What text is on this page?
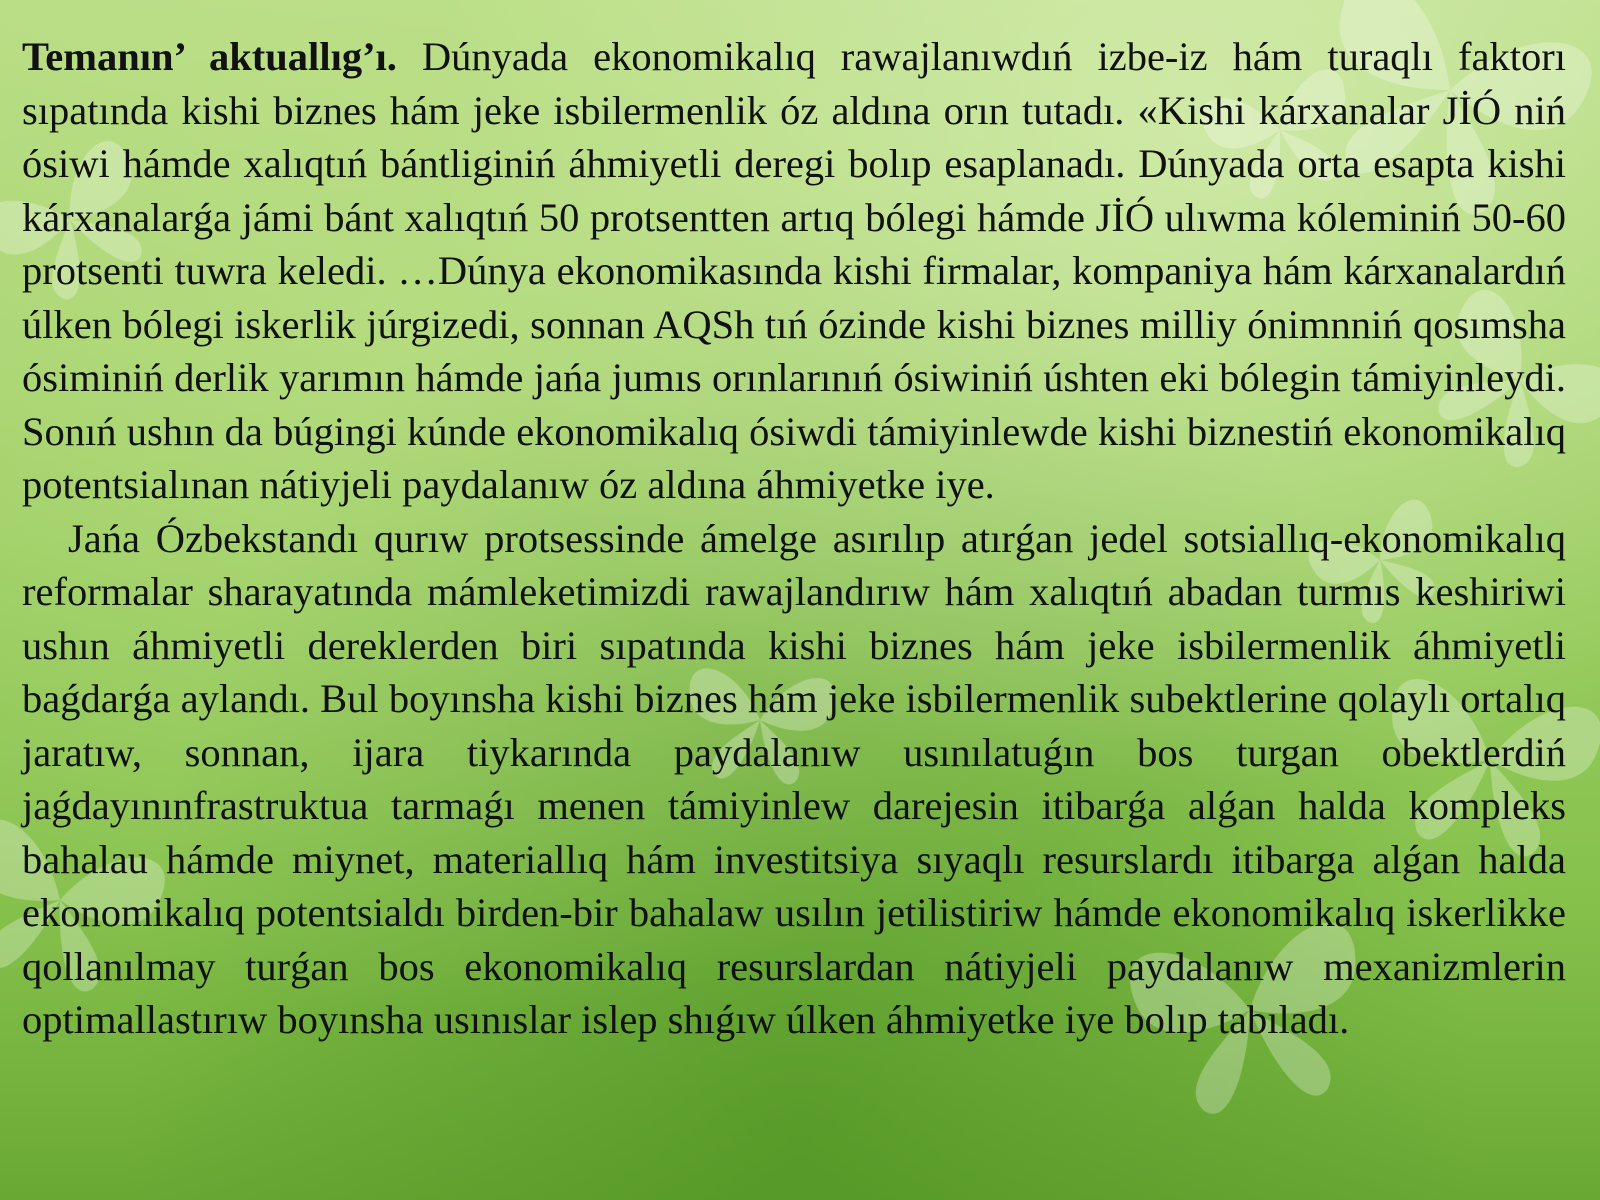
Temanın’ aktuallıg’ı. Dúnyada ekonomikalıq rawajlanıwdıń izbe-iz hám turaqlı faktorı sıpatında kishi biznes hám jeke isbilermenlik óz aldına orın tutadı. «Kishi kárxanalar JİÓ niń ósiwi hámde xalıqtıń bántliginiń áhmiyetli deregi bolıp esaplanadı. Dúnyada orta esapta kishi kárxanalarǵa jámi bánt xalıqtıń 50 protsentten artıq bólegi hámde JİÓ ulıwma kóleminiń 50-60 protsenti tuwra keledi. …Dúnya ekonomikasında kishi firmalar, kompaniya hám kárxanalardıń úlken bólegi iskerlik júrgizedi, sonnan AQSh tıń ózinde kishi biznes milliy ónimnniń qosımsha ósiminiń derlik yarımın hámde jańa jumıs orınlarınıń ósiwiniń úshten eki bólegin támiyinleydi. Sonıń ushın da búgingi kúnde ekonomikalıq ósiwdi támiyinlewde kishi biznestiń ekonomikalıq potentsialınan nátiyjeli paydalanıw óz aldına áhmiyetke iye.

Jańa Ózbekstandı qurıw protsessinde ámelge asırılıp atırǵan jedel sotsiallıq-ekonomikalıq reformalar sharayatında mámleketimizdi rawajlandırıw hám xalıqtıń abadan turmıs keshiriwi ushın áhmiyetli dereklerden biri sıpatında kishi biznes hám jeke isbilermenlik áhmiyetli baǵdarǵa aylandı. Bul boyınsha kishi biznes hám jeke isbilermenlik subektlerine qolaylı ortalıq jaratıw, sonnan, ijara tiykarında paydalanıw usınılatuǵın bos turgan obektlerdiń jaǵdayınınfrastruktua tarmaǵı menen támiyinlew darejesin itibarǵa alǵan halda kompleks bahalau hámde miynet, materiallıq hám investitsiya sıyaqlı resurslardı itibarga alǵan halda ekonomikalıq potentsialdı birden-bir bahalaw usılın jetilistiriw hámde ekonomikalıq iskerlikke qollanılmay turǵan bos ekonomikalıq resurslardan nátiyjeli paydalanıw mexanizmlerin optimallastırıw boyınsha usınıslar islep shıǵıw úlken áhmiyetke iye bolıp tabıladı.
